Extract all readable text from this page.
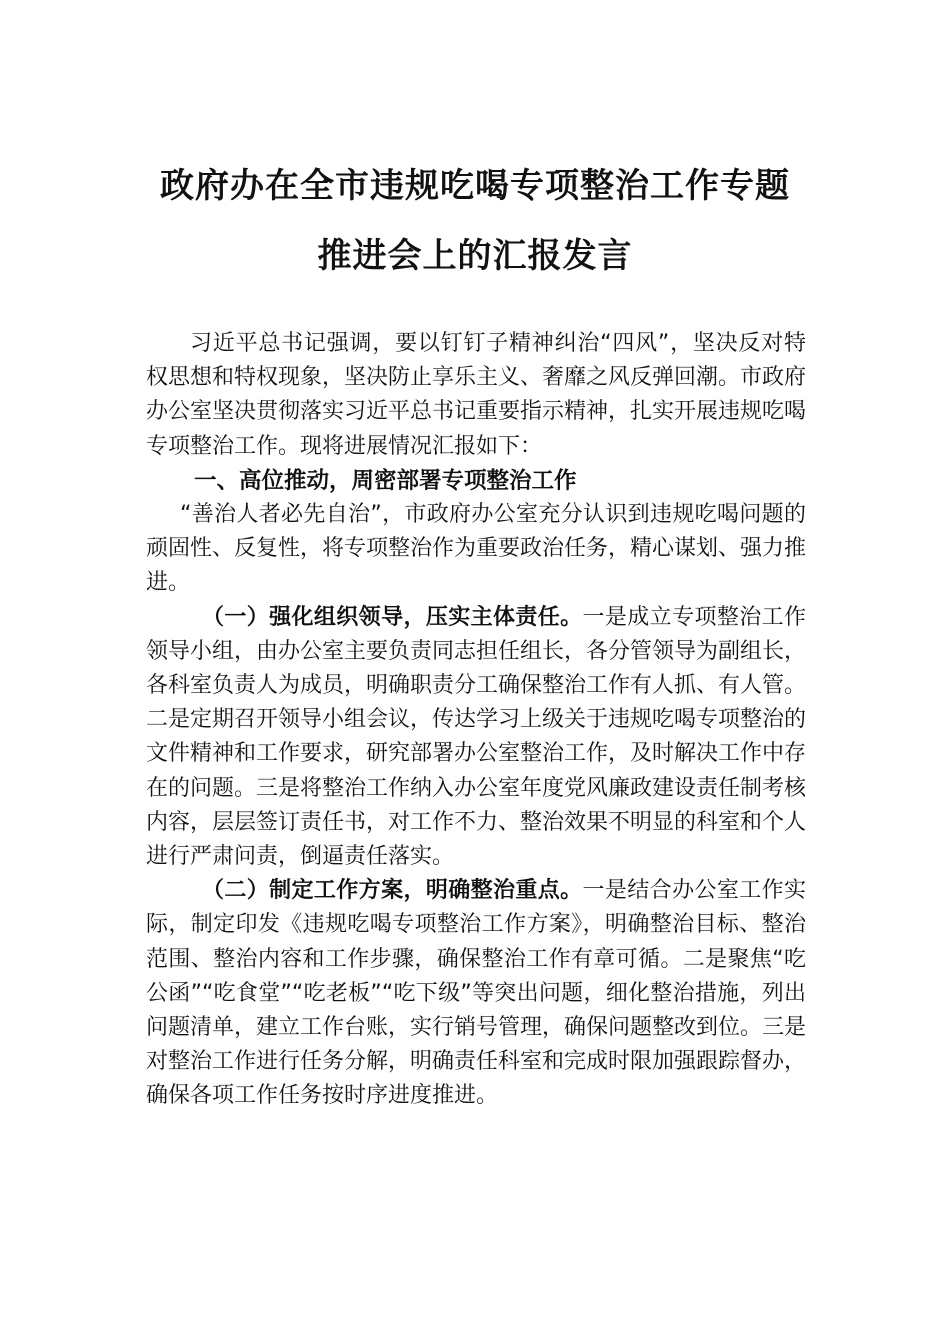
政府办在全市违规吃喝专项整治工作专题
推进会上的汇报发言

习近平总书记强调，要以钉钉子精神纠治“四风”，坚决反对特权思想和特权现象，坚决防止享乐主义、奢靡之风反弹回潮。市政府办公室坚决贯彻落实习近平总书记重要指示精神，扎实开展违规吃喝专项整治工作。现将进展情况汇报如下：

一、高位推动，周密部署专项整治工作

“善治人者必先自治”，市政府办公室充分认识到违规吃喝问题的顽固性、反复性，将专项整治作为重要政治任务，精心谋划、强力推进。

（一）强化组织领导，压实主体责任。一是成立专项整治工作领导小组，由办公室主要负责同志担任组长，各分管领导为副组长，各科室负责人为成员，明确职责分工确保整治工作有人抓、有人管。二是定期召开领导小组会议，传达学习上级关于违规吃喝专项整治的文件精神和工作要求，研究部署办公室整治工作，及时解决工作中存在的问题。三是将整治工作纳入办公室年度党风廉政建设责任制考核内容，层层签订责任书，对工作不力、整治效果不明显的科室和个人进行严肃问责，倒逼责任落实。

（二）制定工作方案，明确整治重点。一是结合办公室工作实际，制定印发《违规吃喝专项整治工作方案》，明确整治目标、整治范围、整治内容和工作步骤，确保整治工作有章可循。二是聚焦“吃公函”“吃食堂”“吃老板”“吃下级”等突出问题，细化整治措施，列出问题清单，建立工作台账，实行销号管理，确保问题整改到位。三是对整治工作进行任务分解，明确责任科室和完成时限加强跟踪督办，确保各项工作任务按时序进度推进。
